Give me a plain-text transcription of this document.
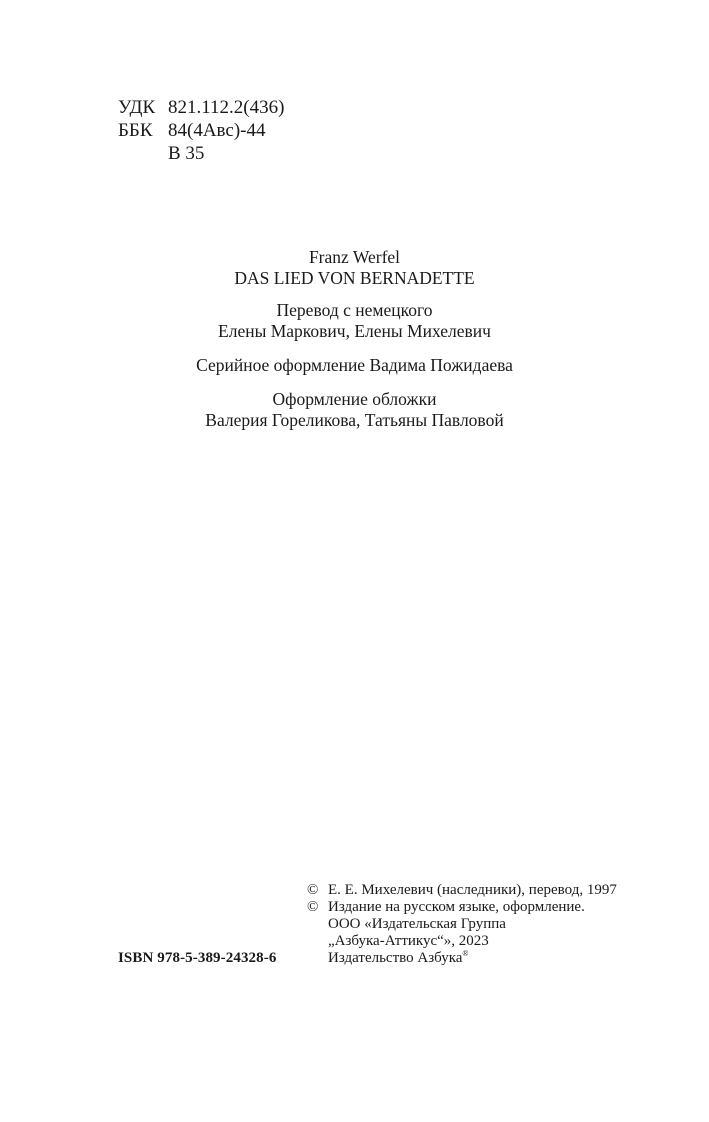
УДК 821.112.2(436)
ББК 84(4Авс)-44
В 35
Franz Werfel
DAS LIED VON BERNADETTE
Перевод с немецкого
Елены Маркович, Елены Михелевич
Серийное оформление Вадима Пожидаева
Оформление обложки
Валерия Гореликова, Татьяны Павловой
© Е. Е. Михелевич (наследники), перевод, 1997
© Издание на русском языке, оформление.
ООО «Издательская Группа
„Азбука-Аттикус“», 2023
Издательство Азбука®
ISBN 978-5-389-24328-6
